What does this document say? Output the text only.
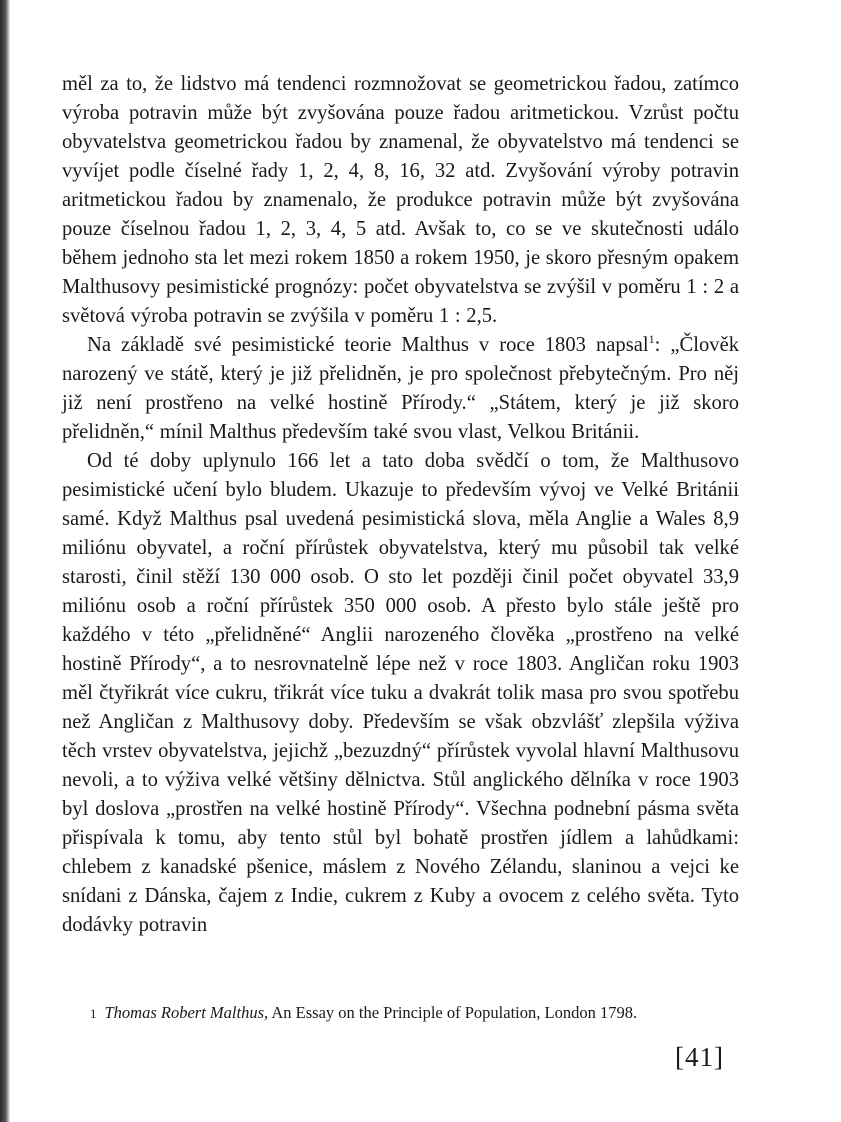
měl za to, že lidstvo má tendenci rozmnožovat se geometrickou řadou, zatímco výroba potravin může být zvyšována pouze řadou aritmetickou. Vzrůst počtu obyvatelstva geometrickou řadou by znamenal, že obyvatelstvo má tendenci se vyvíjet podle číselné řady 1, 2, 4, 8, 16, 32 atd. Zvyšování výroby potravin aritmetickou řadou by znamenalo, že produkce potravin může být zvyšována pouze číselnou řadou 1, 2, 3, 4, 5 atd. Avšak to, co se ve skutečnosti událo během jednoho sta let mezi rokem 1850 a rokem 1950, je skoro přesným opakem Malthusovy pesimistické prognózy: počet obyvatelstva se zvýšil v poměru 1 : 2 a světová výroba potravin se zvýšila v poměru 1 : 2,5.

Na základě své pesimistické teorie Malthus v roce 1803 napsal$^1$: „Člověk narozený ve státě, který je již přelidněn, je pro společnost přebytečným. Pro něj již není prostřeno na velké hostině Přírody.“ „Státem, který je již skoro přelidněn,“ mínil Malthus především také svou vlast, Velkou Británii.

Od té doby uplynulo 166 let a tato doba svědčí o tom, že Malthusovo pesimistické učení bylo bludem. Ukazuje to především vývoj ve Velké Británii samé. Když Malthus psal uvedená pesimistická slova, měla Anglie a Wales 8,9 miliónu obyvatel, a roční přírůstek obyvatelstva, který mu působil tak velké starosti, činil stěží 130 000 osob. O sto let později činil počet obyvatel 33,9 miliónu osob a roční přírůstek 350 000 osob. A přesto bylo stále ještě pro každého v této „přelidněné“ Anglii narozeného člověka „prostřeno na velké hostině Přírody“, a to nesrovnatelně lépe než v roce 1803. Angličan roku 1903 měl čtyřikrát více cukru, třikrát více tuku a dvakrát tolik masa pro svou spotřebu než Angličan z Malthusovy doby. Především se však obzvlášť zlepšila výživa těch vrstev obyvatelstva, jejichž „bezuzdný“ přírůstek vyvolal hlavní Malthusovu nevoli, a to výživa velké většiny dělnictva. Stůl anglického dělníka v roce 1903 byl doslova „prostřen na velké hostině Přírody“. Všechna podnební pásma světa přispívala k tomu, aby tento stůl byl bohatě prostřen jídlem a lahůdkami: chlebem z kanadské pšenice, máslem z Nového Zélandu, slaninou a vejci ke snídani z Dánska, čajem z Indie, cukrem z Kuby a ovocem z celého světa. Tyto dodávky potravin

1 Thomas Robert Malthus, An Essay on the Principle of Population, London 1798.
[41]
